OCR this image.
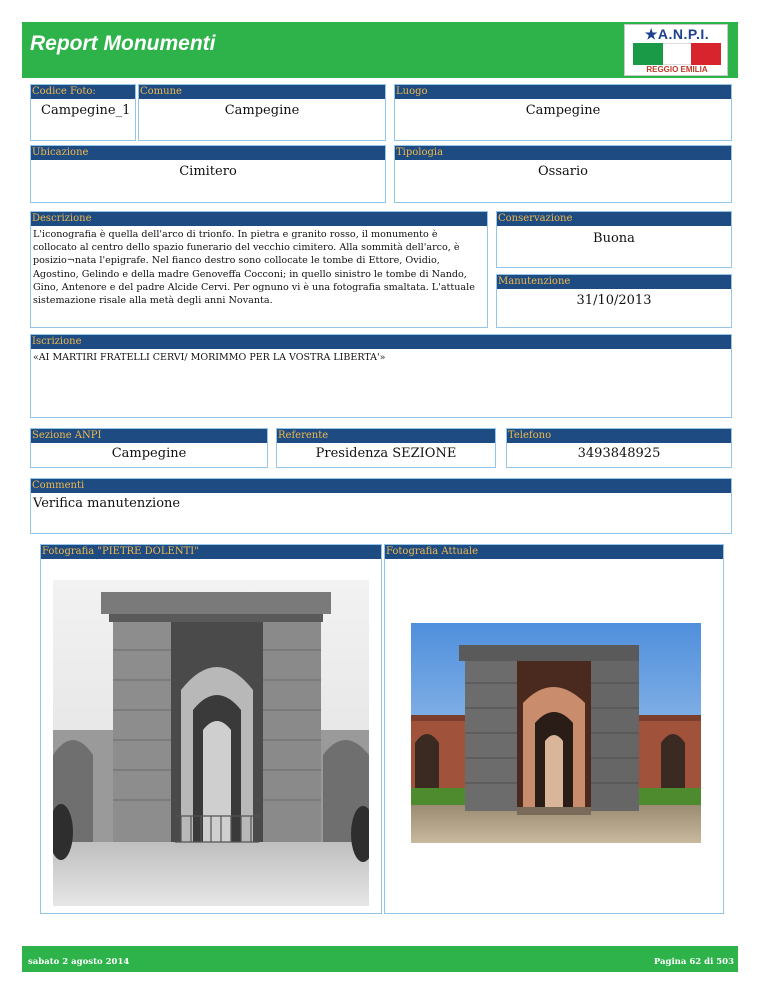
Report Monumenti	★A.N.P.I.
REGGIO EMILIA
Codice Foto:
Campegine_1
Comune
Campegine
Luogo
Campegine
Ubicazione
Cimitero
Tipologia
Ossario
Descrizione
L'iconografia è quella dell'arco di trionfo. In pietra e granito rosso, il monumento è
collocato al centro dello spazio funerario del vecchio cimitero. Alla sommità dell'arco, è
posizio¬nata l'epigrafe. Nel fianco destro sono collocate le tombe di Ettore, Ovidio,
Agostino, Gelindo e della madre Genoveffa Cocconi; in quello sinistro le tombe di Nando,
Gino, Antenore e del padre Alcide Cervi. Per ognuno vi è una fotografia smaltata. L'attuale
sistemazione risale alla metà degli anni Novanta.
Conservazione
Buona
Manutenzione
31/10/2013
Iscrizione
«AI MARTIRI FRATELLI CERVI/ MORIMMO PER LA VOSTRA LIBERTA'»
Sezione ANPI
Campegine
Referente
Presidenza SEZIONE
Telefono
3493848925
Commenti
Verifica manutenzione
Fotografia "PIETRE DOLENTI"	Fotografia Attuale
sabato 2 agosto 2014	Pagina 62 di 503
